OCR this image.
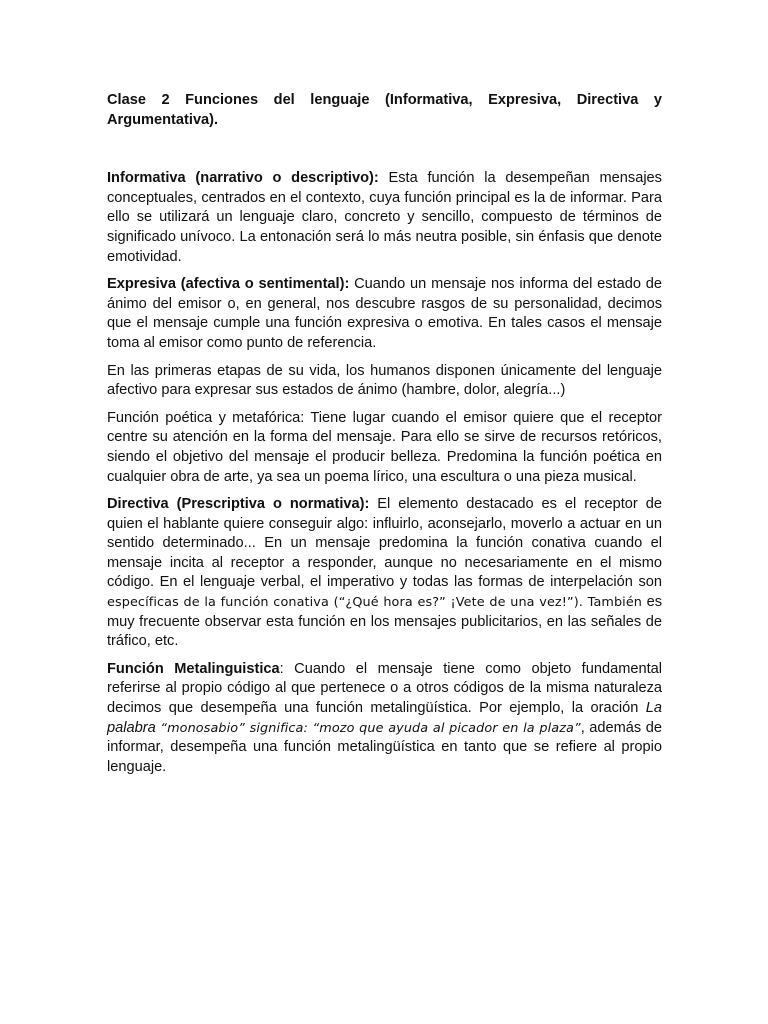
Clase 2 Funciones del lenguaje (Informativa, Expresiva, Directiva y Argumentativa).

Informativa (narrativo o descriptivo): Esta función la desempeñan mensajes conceptuales, centrados en el contexto, cuya función principal es la de informar. Para ello se utilizará un lenguaje claro, concreto y sencillo, compuesto de términos de significado unívoco. La entonación será lo más neutra posible, sin énfasis que denote emotividad.

Expresiva (afectiva o sentimental): Cuando un mensaje nos informa del estado de ánimo del emisor o, en general, nos descubre rasgos de su personalidad, decimos que el mensaje cumple una función expresiva o emotiva. En tales casos el mensaje toma al emisor como punto de referencia.

En las primeras etapas de su vida, los humanos disponen únicamente del lenguaje afectivo para expresar sus estados de ánimo (hambre, dolor, alegría...)

Función poética y metafórica: Tiene lugar cuando el emisor quiere que el receptor centre su atención en la forma del mensaje. Para ello se sirve de recursos retóricos, siendo el objetivo del mensaje el producir belleza. Predomina la función poética en cualquier obra de arte, ya sea un poema lírico, una escultura o una pieza musical.

Directiva (Prescriptiva o normativa): El elemento destacado es el receptor de quien el hablante quiere conseguir algo: influirlo, aconsejarlo, moverlo a actuar en un sentido determinado... En un mensaje predomina la función conativa cuando el mensaje incita al receptor a responder, aunque no necesariamente en el mismo código. En el lenguaje verbal, el imperativo y todas las formas de interpelación son específicas de la función conativa (“¿Qué hora es?” ¡Vete de una vez!”). También es muy frecuente observar esta función en los mensajes publicitarios, en las señales de tráfico, etc.

Función Metalinguistica: Cuando el mensaje tiene como objeto fundamental referirse al propio código al que pertenece o a otros códigos de la misma naturaleza decimos que desempeña una función metalingüística. Por ejemplo, la oración La palabra “monosabio” significa: “mozo que ayuda al picador en la plaza”, además de informar, desempeña una función metalingüística en tanto que se refiere al propio lenguaje.
